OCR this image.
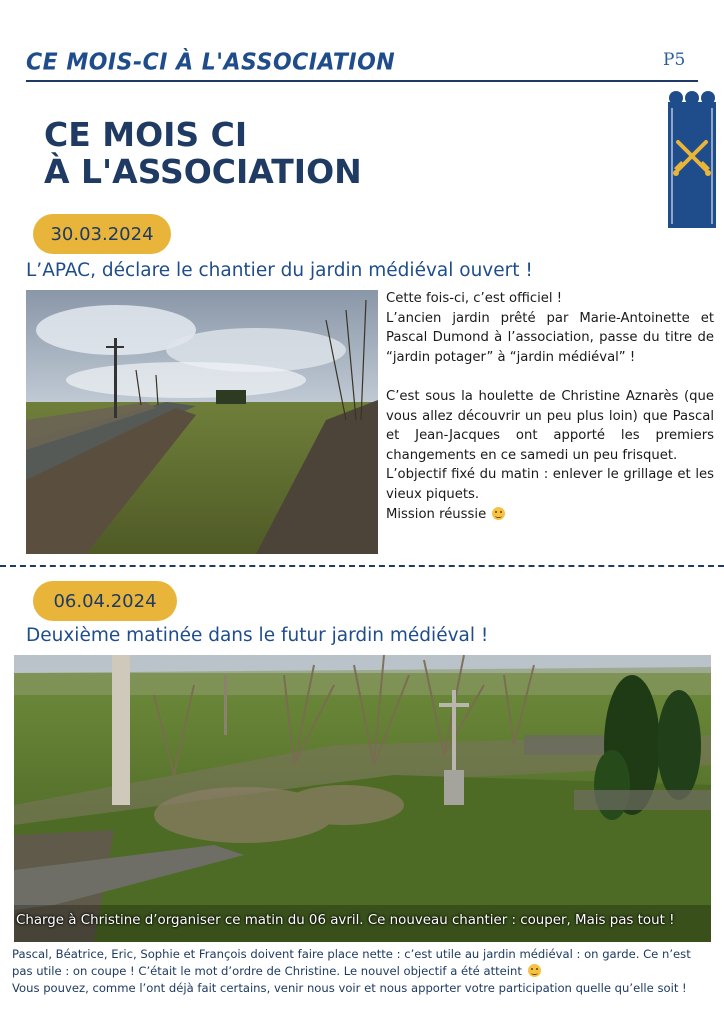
CE MOIS-CI À L'ASSOCIATION	P5
CE MOIS CI
À L'ASSOCIATION
30.03.2024
L’APAC, déclare le chantier du jardin médiéval ouvert !

Cette fois-ci, c’est officiel !

L’ancien jardin prêté par Marie-Antoinette et Pascal Dumond à l’association, passe du titre de “jardin potager” à “jardin médiéval” !

C’est sous la houlette de Christine Aznarès (que vous allez découvrir un peu plus loin) que Pascal et Jean-Jacques ont apporté les premiers changements en ce samedi un peu frisquet.

L’objectif fixé du matin : enlever le grillage et les vieux piquets.

Mission réussie

06.04.2024
Deuxième matinée dans le futur jardin médiéval !
Charge à Christine d’organiser ce matin du 06 avril. Ce nouveau chantier : couper, Mais pas tout !

Pascal, Béatrice, Eric, Sophie et François doivent faire place nette : c’est utile au jardin médiéval : on garde. Ce n’est pas utile : on coupe ! C’était le mot d’ordre de Christine. Le nouvel objectif a été atteint

Vous pouvez, comme l’ont déjà fait certains, venir nous voir et nous apporter votre participation quelle qu’elle soit !
